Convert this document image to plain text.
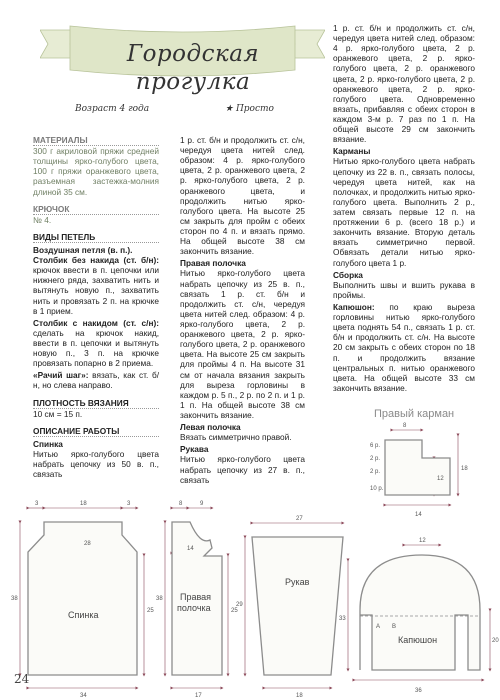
Городская прогулка
Возраст 4 года	★ Просто
МАТЕРИАЛЫ

300 г акриловой пряжи средней толщины ярко-голубого цвета, 100 г пряжи оранжевого цвета, разъемная застежка-молния длиной 35 см.

КРЮЧОК

№ 4.

ВИДЫ ПЕТЕЛЬ
Воздушная петля (в. п.).

Столбик без накида (ст. б/н): крючок ввести в п. цепочки или нижнего ряда, захватить нить и вытянуть новую п., захватить нить и провязать 2 п. на крючке в 1 прием.

Столбик с накидом (ст. с/н): сделать на крючок накид, ввести в п. цепочки и вытянуть новую п., 3 п. на крючке провязать попарно в 2 приема.

«Рачий шаг»: вязать, как ст. б/н, но слева направо.

ПЛОТНОСТЬ ВЯЗАНИЯ

10 см = 15 п.

ОПИСАНИЕ РАБОТЫ
Спинка

Нитью ярко-голубого цвета набрать цепочку из 50 в. п., связать

1 р. ст. б/н и продолжить ст. с/н, чередуя цвета нитей след. образом: 4 р. ярко-голубого цвета, 2 р. оранжевого цвета, 2 р. ярко-голубого цвета, 2 р. оранжевого цвета, и продолжить нитью ярко-голубого цвета. На высоте 25 см закрыть для пройм с обеих сторон по 4 п. и вязать прямо. На общей высоте 38 см закончить вязание.

Правая полочка

Нитью ярко-голубого цвета набрать цепочку из 25 в. п., связать 1 р. ст. б/н и продолжить ст. с/н, чередуя цвета нитей след. образом: 4 р. ярко-голубого цвета, 2 р. оранжевого цвета, 2 р. ярко-голубого цвета, 2 р. оранжевого цвета. На высоте 25 см закрыть для проймы 4 п. На высоте 31 см от начала вязания закрыть для выреза горловины в каждом р. 5 п., 2 р. по 2 п. и 1 р. 1 п. На общей высоте 38 см закончить вязание.

Левая полочка

Вязать симметрично правой.

Рукава

Нитью ярко-голубого цвета набрать цепочку из 27 в. п., связать

1 р. ст. б/н и продолжить ст. с/н, чередуя цвета нитей след. образом: 4 р. ярко-голубого цвета, 2 р. оранжевого цвета, 2 р. ярко-голубого цвета, 2 р. оранжевого цвета, 2 р. ярко-голубого цвета, 2 р. оранжевого цвета, 2 р. ярко-голубого цвета. Одновременно вязать, прибавляя с обеих сторон в каждом 3-м р. 7 раз по 1 п. На общей высоте 29 см закончить вязание.

Карманы

Нитью ярко-голубого цвета набрать цепочку из 22 в. п., связать полосы, чередуя цвета нитей, как на полочках, и продолжить нитью ярко-голубого цвета. Выполнить 2 р., затем связать первые 12 п. на протяжении 6 р. (всего 18 р.) и закончить вязание. Вторую деталь вязать симметрично первой. Обвязать детали нитью ярко-голубого цвета 1 р.

Сборка

Выполнить швы и вшить рукава в проймы.

Капюшон: по краю выреза горловины нитью ярко-голубого цвета поднять 54 п., связать 1 р. ст. б/н и продолжить ст. с/н. На высоте 20 см закрыть с обеих сторон по 18 п. и продолжить вязание центральных п. нитью оранжевого цвета. На общей высоте 33 см закончить вязание.

Правый карман
3	18	3
28
34
38
25
8	9
14
17
38
25
27
18
29
12
36
33
20
8
14
18
12
6 р.
2 р.
2 р.
10 р.
A B
Спинка
Правая
полочка
Рукав
Капюшон
24
